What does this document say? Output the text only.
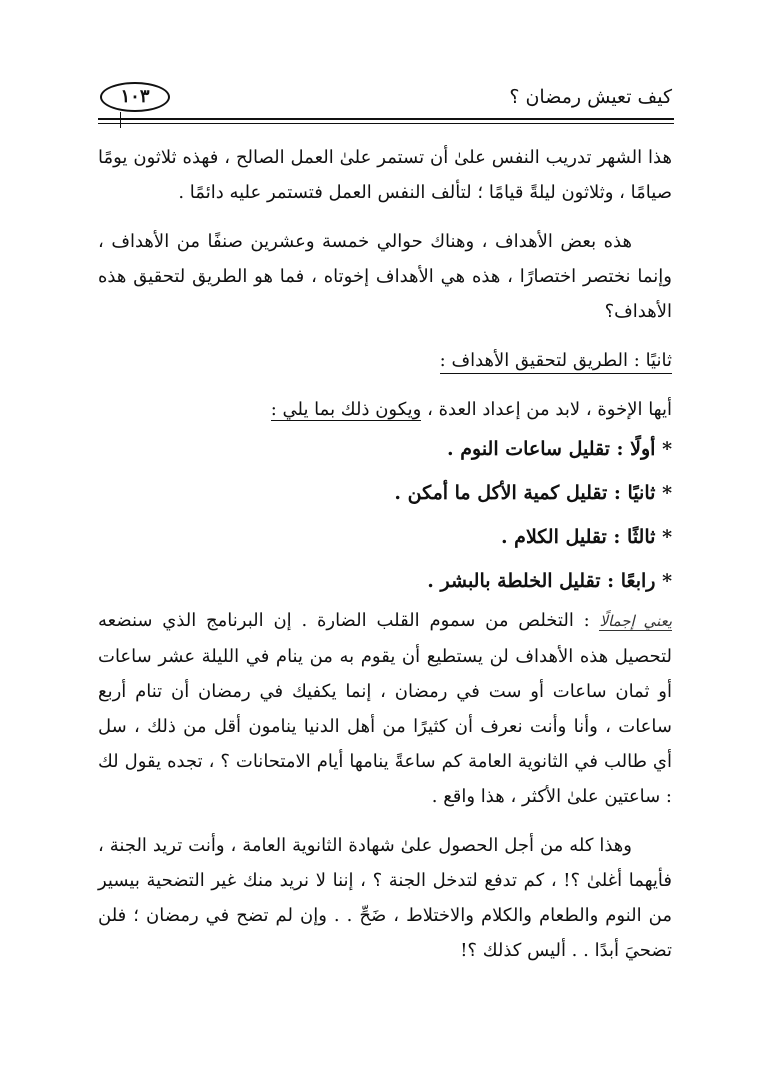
كيف تعيش رمضان ؟
١٠٣

هذا الشهر تدريب النفس علىٰ أن تستمر علىٰ العمل الصالح ، فهذه ثلاثون يومًا صيامًا ، وثلاثون ليلةً قيامًا ؛ لتألف النفس العمل فتستمر عليه دائمًا .

هذه بعض الأهداف ، وهناك حوالي خمسة وعشرين صنفًا من الأهداف ، وإنما نختصر اختصارًا ، هذه هي الأهداف إخوتاه ، فما هو الطريق لتحقيق هذه الأهداف؟

ثانيًا : الطريق لتحقيق الأهداف :

أيها الإخوة ، لابد من إعداد العدة ، ويكون ذلك بما يلي :

* أولًا : تقليل ساعات النوم .
* ثانيًا : تقليل كمية الأكل ما أمكن .
* ثالثًا : تقليل الكلام .
* رابعًا : تقليل الخلطة بالبشر .

يعني إجمالًا : التخلص من سموم القلب الضارة . إن البرنامج الذي سنضعه لتحصيل هذه الأهداف لن يستطيع أن يقوم به من ينام في الليلة عشر ساعات أو ثمان ساعات أو ست في رمضان ، إنما يكفيك في رمضان أن تنام أربع ساعات ، وأنا وأنت نعرف أن كثيرًا من أهل الدنيا ينامون أقل من ذلك ، سل أي طالب في الثانوية العامة كم ساعةً ينامها أيام الامتحانات ؟ ، تجده يقول لك : ساعتين علىٰ الأكثر ، هذا واقع .

وهذا كله من أجل الحصول علىٰ شهادة الثانوية العامة ، وأنت تريد الجنة ، فأيهما أغلىٰ ؟! ، كم تدفع لتدخل الجنة ؟ ، إننا لا نريد منك غير التضحية بيسير من النوم والطعام والكلام والاختلاط ، ضَحِّ . . وإن لم تضح في رمضان ؛ فلن تضحيَ أبدًا . . أليس كذلك ؟!
